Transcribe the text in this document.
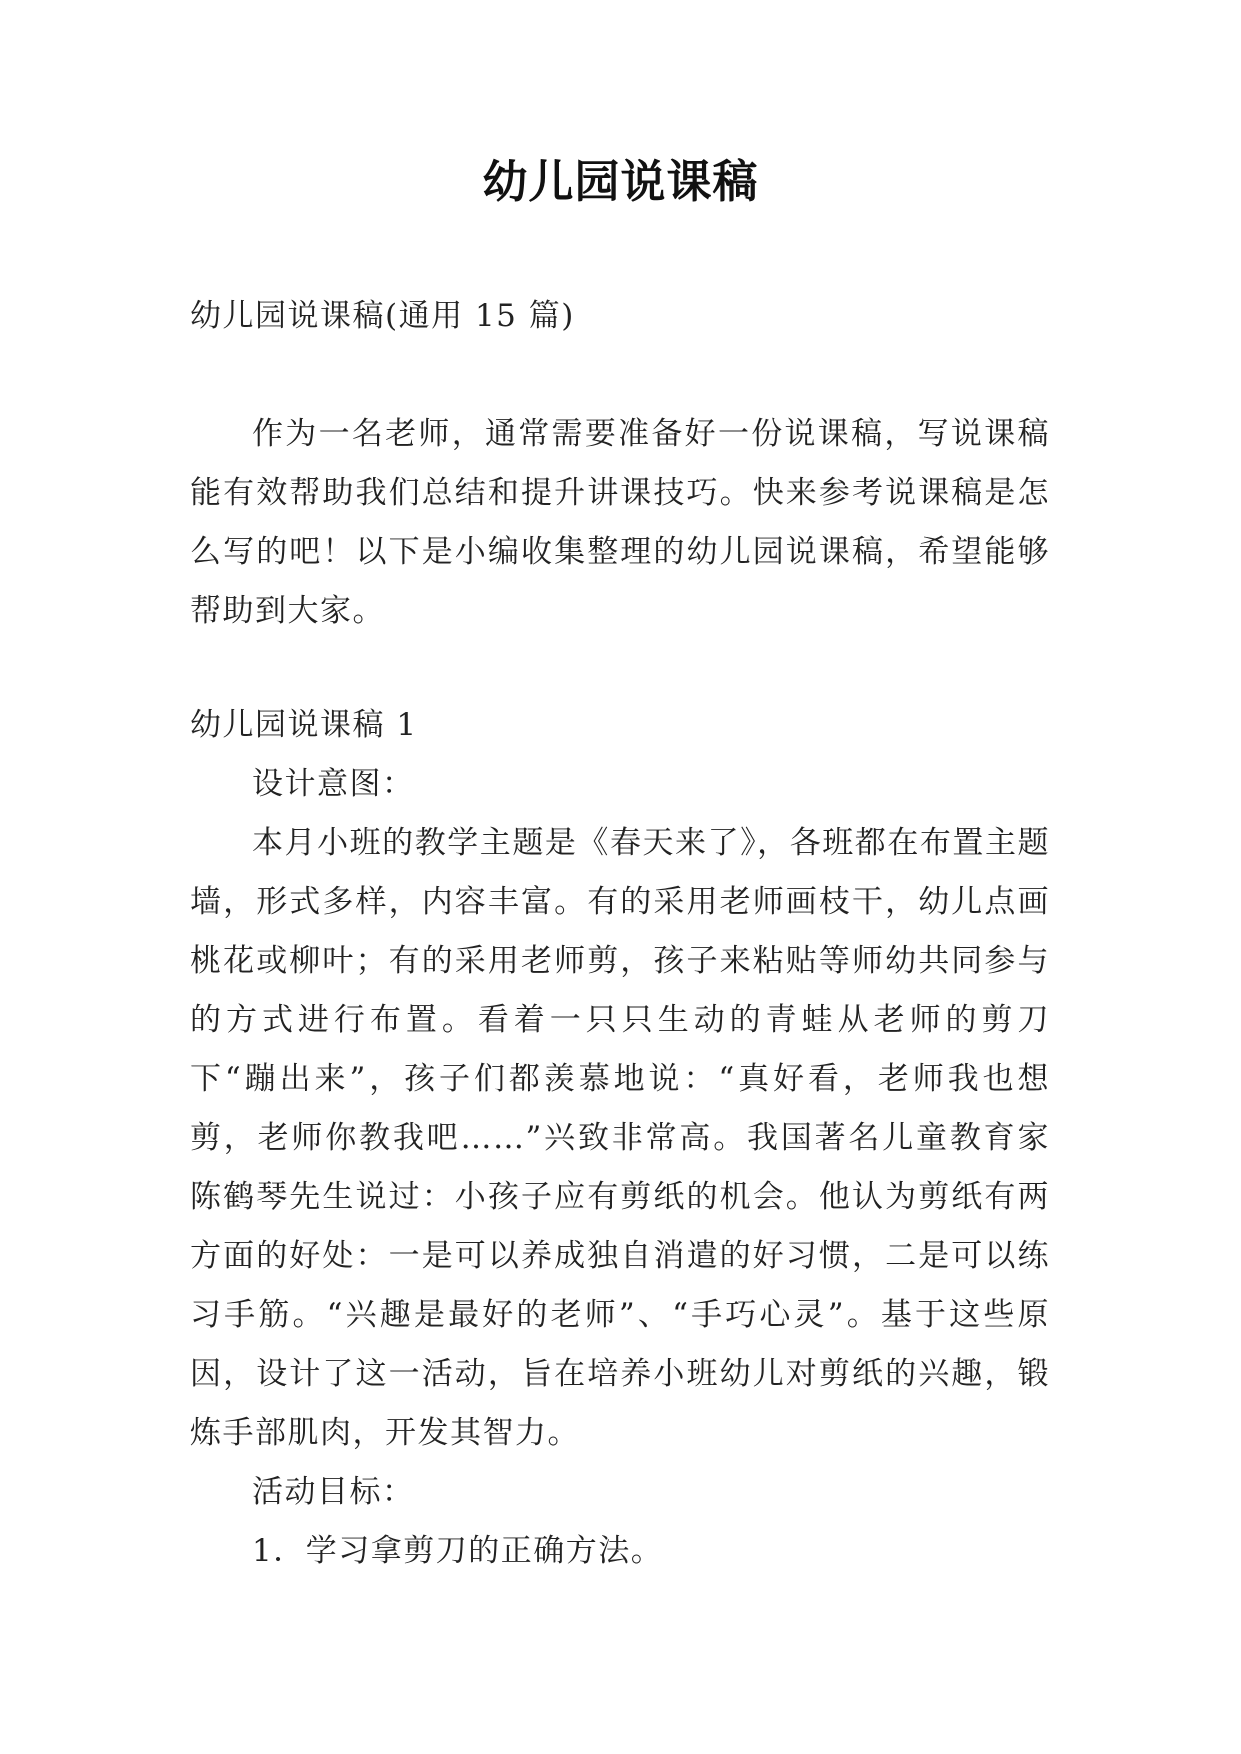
幼儿园说课稿
幼儿园说课稿(通用 15 篇)

作为一名老师，通常需要准备好一份说课稿，写说课稿能有效帮助我们总结和提升讲课技巧。快来参考说课稿是怎么写的吧！以下是小编收集整理的幼儿园说课稿，希望能够帮助到大家。

幼儿园说课稿 1

设计意图：

本月小班的教学主题是《春天来了》，各班都在布置主题墙，形式多样，内容丰富。有的采用老师画枝干，幼儿点画桃花或柳叶；有的采用老师剪，孩子来粘贴等师幼共同参与的方式进行布置。看着一只只生动的青蛙从老师的剪刀下“蹦出来”，孩子们都羡慕地说：“真好看，老师我也想剪，老师你教我吧……”兴致非常高。我国著名儿童教育家陈鹤琴先生说过：小孩子应有剪纸的机会。他认为剪纸有两方面的好处：一是可以养成独自消遣的好习惯，二是可以练习手筋。“兴趣是最好的老师”、“手巧心灵”。基于这些原因，设计了这一活动，旨在培养小班幼儿对剪纸的兴趣，锻炼手部肌肉，开发其智力。

活动目标：

1．学习拿剪刀的正确方法。
